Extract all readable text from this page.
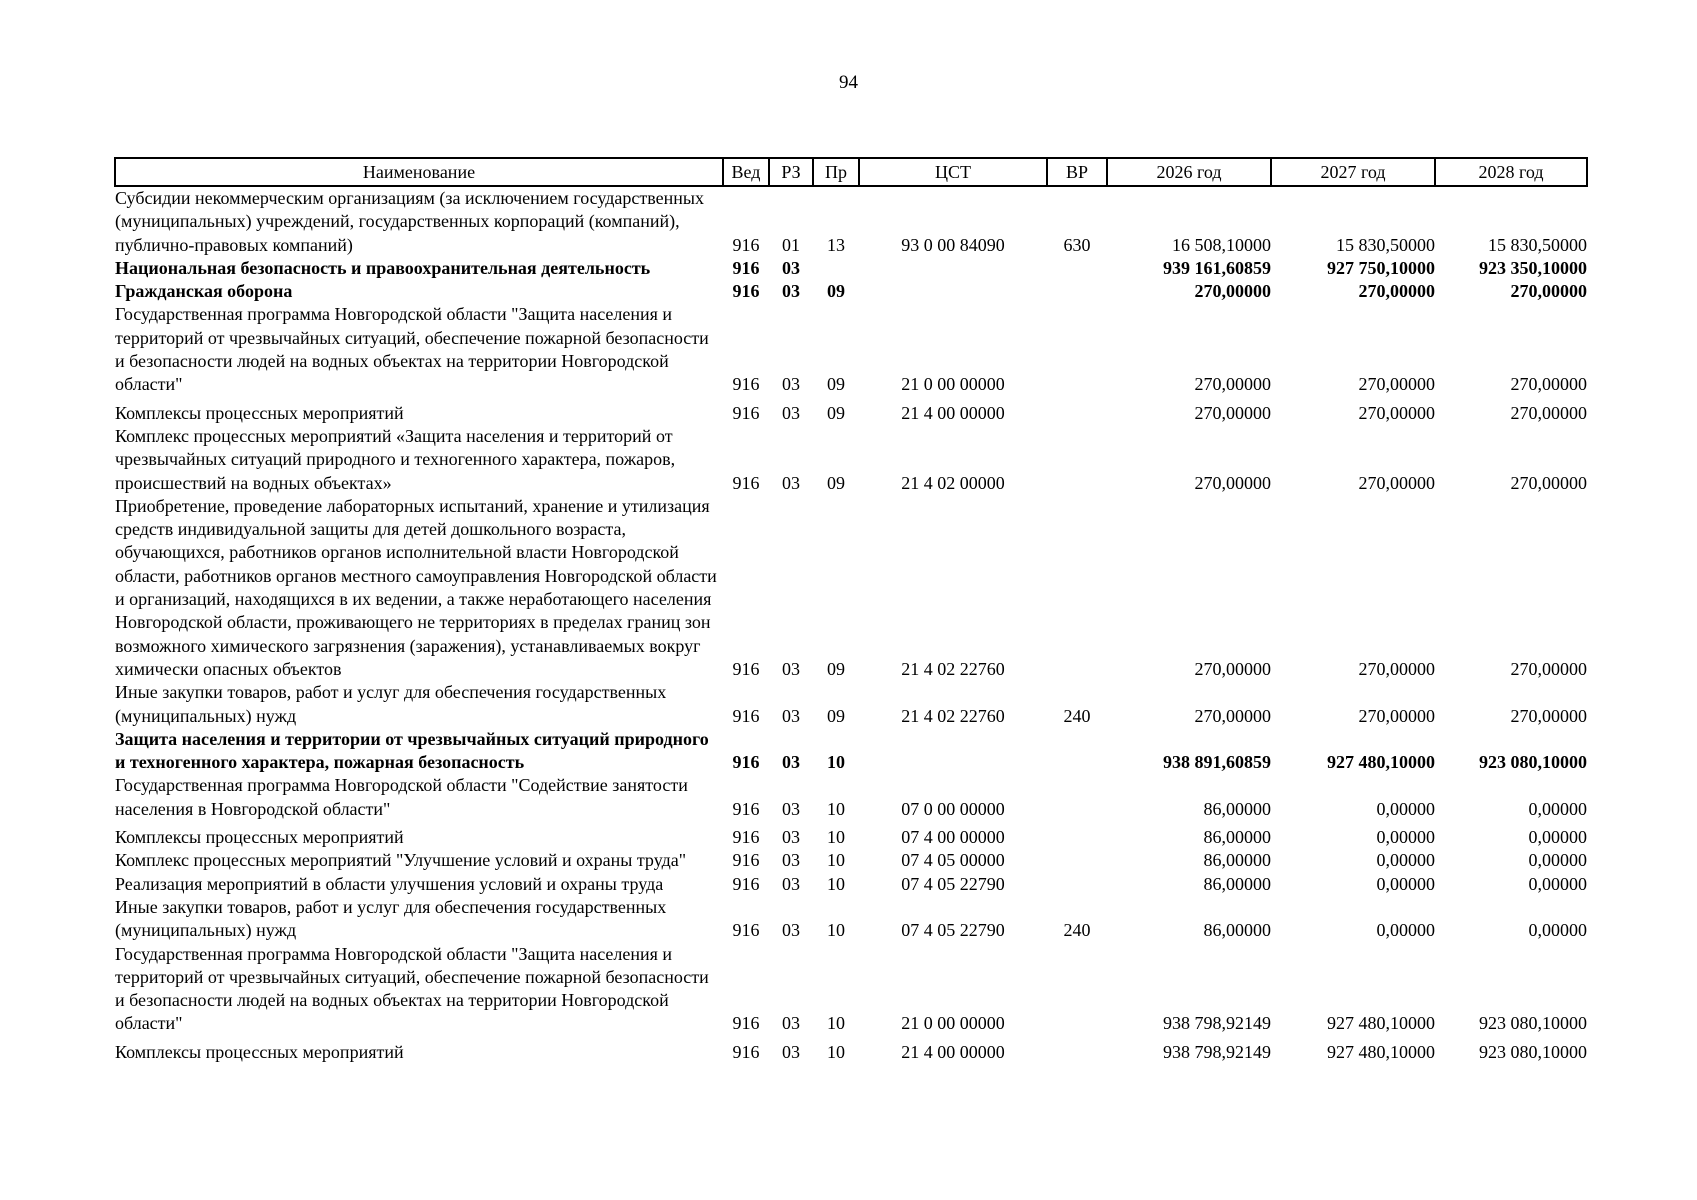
94
Наименование	Вед	РЗ	Пр	ЦСТ	ВР	2026 год	2027 год	2028 год
Субсидии некоммерческим организациям (за исключением государственных (муниципальных) учреждений, государственных корпораций (компаний), публично-правовых компаний)	916	01	13	93 0 00 84090	630	16 508,10000	15 830,50000	15 830,50000
Национальная безопасность и правоохранительная деятельность	916	03				939 161,60859	927 750,10000	923 350,10000
Гражданская оборона	916	03	09			270,00000	270,00000	270,00000
Государственная программа Новгородской области "Защита населения и территорий от чрезвычайных ситуаций, обеспечение пожарной безопасности и безопасности людей на водных объектах на территории Новгородской области"	916	03	09	21 0 00 00000		270,00000	270,00000	270,00000
Комплексы процессных мероприятий	916	03	09	21 4 00 00000		270,00000	270,00000	270,00000
Комплекс процессных мероприятий «Защита населения и территорий от чрезвычайных ситуаций природного и техногенного характера, пожаров, происшествий на водных объектах»	916	03	09	21 4 02 00000		270,00000	270,00000	270,00000
Приобретение, проведение лабораторных испытаний, хранение и утилизация средств индивидуальной защиты для детей дошкольного возраста, обучающихся, работников органов исполнительной власти Новгородской области, работников органов местного самоуправления Новгородской области и организаций, находящихся в их ведении, а также неработающего населения Новгородской области, проживающего не территориях в пределах границ зон возможного химического загрязнения (заражения), устанавливаемых вокруг химически опасных объектов	916	03	09	21 4 02 22760		270,00000	270,00000	270,00000
Иные закупки товаров, работ и услуг для обеспечения государственных (муниципальных) нужд	916	03	09	21 4 02 22760	240	270,00000	270,00000	270,00000
Защита населения и территории от чрезвычайных ситуаций природного и техногенного характера, пожарная безопасность	916	03	10			938 891,60859	927 480,10000	923 080,10000
Государственная программа Новгородской области "Содействие занятости населения в Новгородской области"	916	03	10	07 0 00 00000		86,00000	0,00000	0,00000
Комплексы процессных мероприятий	916	03	10	07 4 00 00000		86,00000	0,00000	0,00000
Комплекс процессных мероприятий "Улучшение условий и охраны труда"	916	03	10	07 4 05 00000		86,00000	0,00000	0,00000
Реализация мероприятий в области улучшения условий и охраны труда	916	03	10	07 4 05 22790		86,00000	0,00000	0,00000
Иные закупки товаров, работ и услуг для обеспечения государственных (муниципальных) нужд	916	03	10	07 4 05 22790	240	86,00000	0,00000	0,00000
Государственная программа Новгородской области "Защита населения и территорий от чрезвычайных ситуаций, обеспечение пожарной безопасности и безопасности людей на водных объектах на территории Новгородской области"	916	03	10	21 0 00 00000		938 798,92149	927 480,10000	923 080,10000
Комплексы процессных мероприятий	916	03	10	21 4 00 00000		938 798,92149	927 480,10000	923 080,10000
